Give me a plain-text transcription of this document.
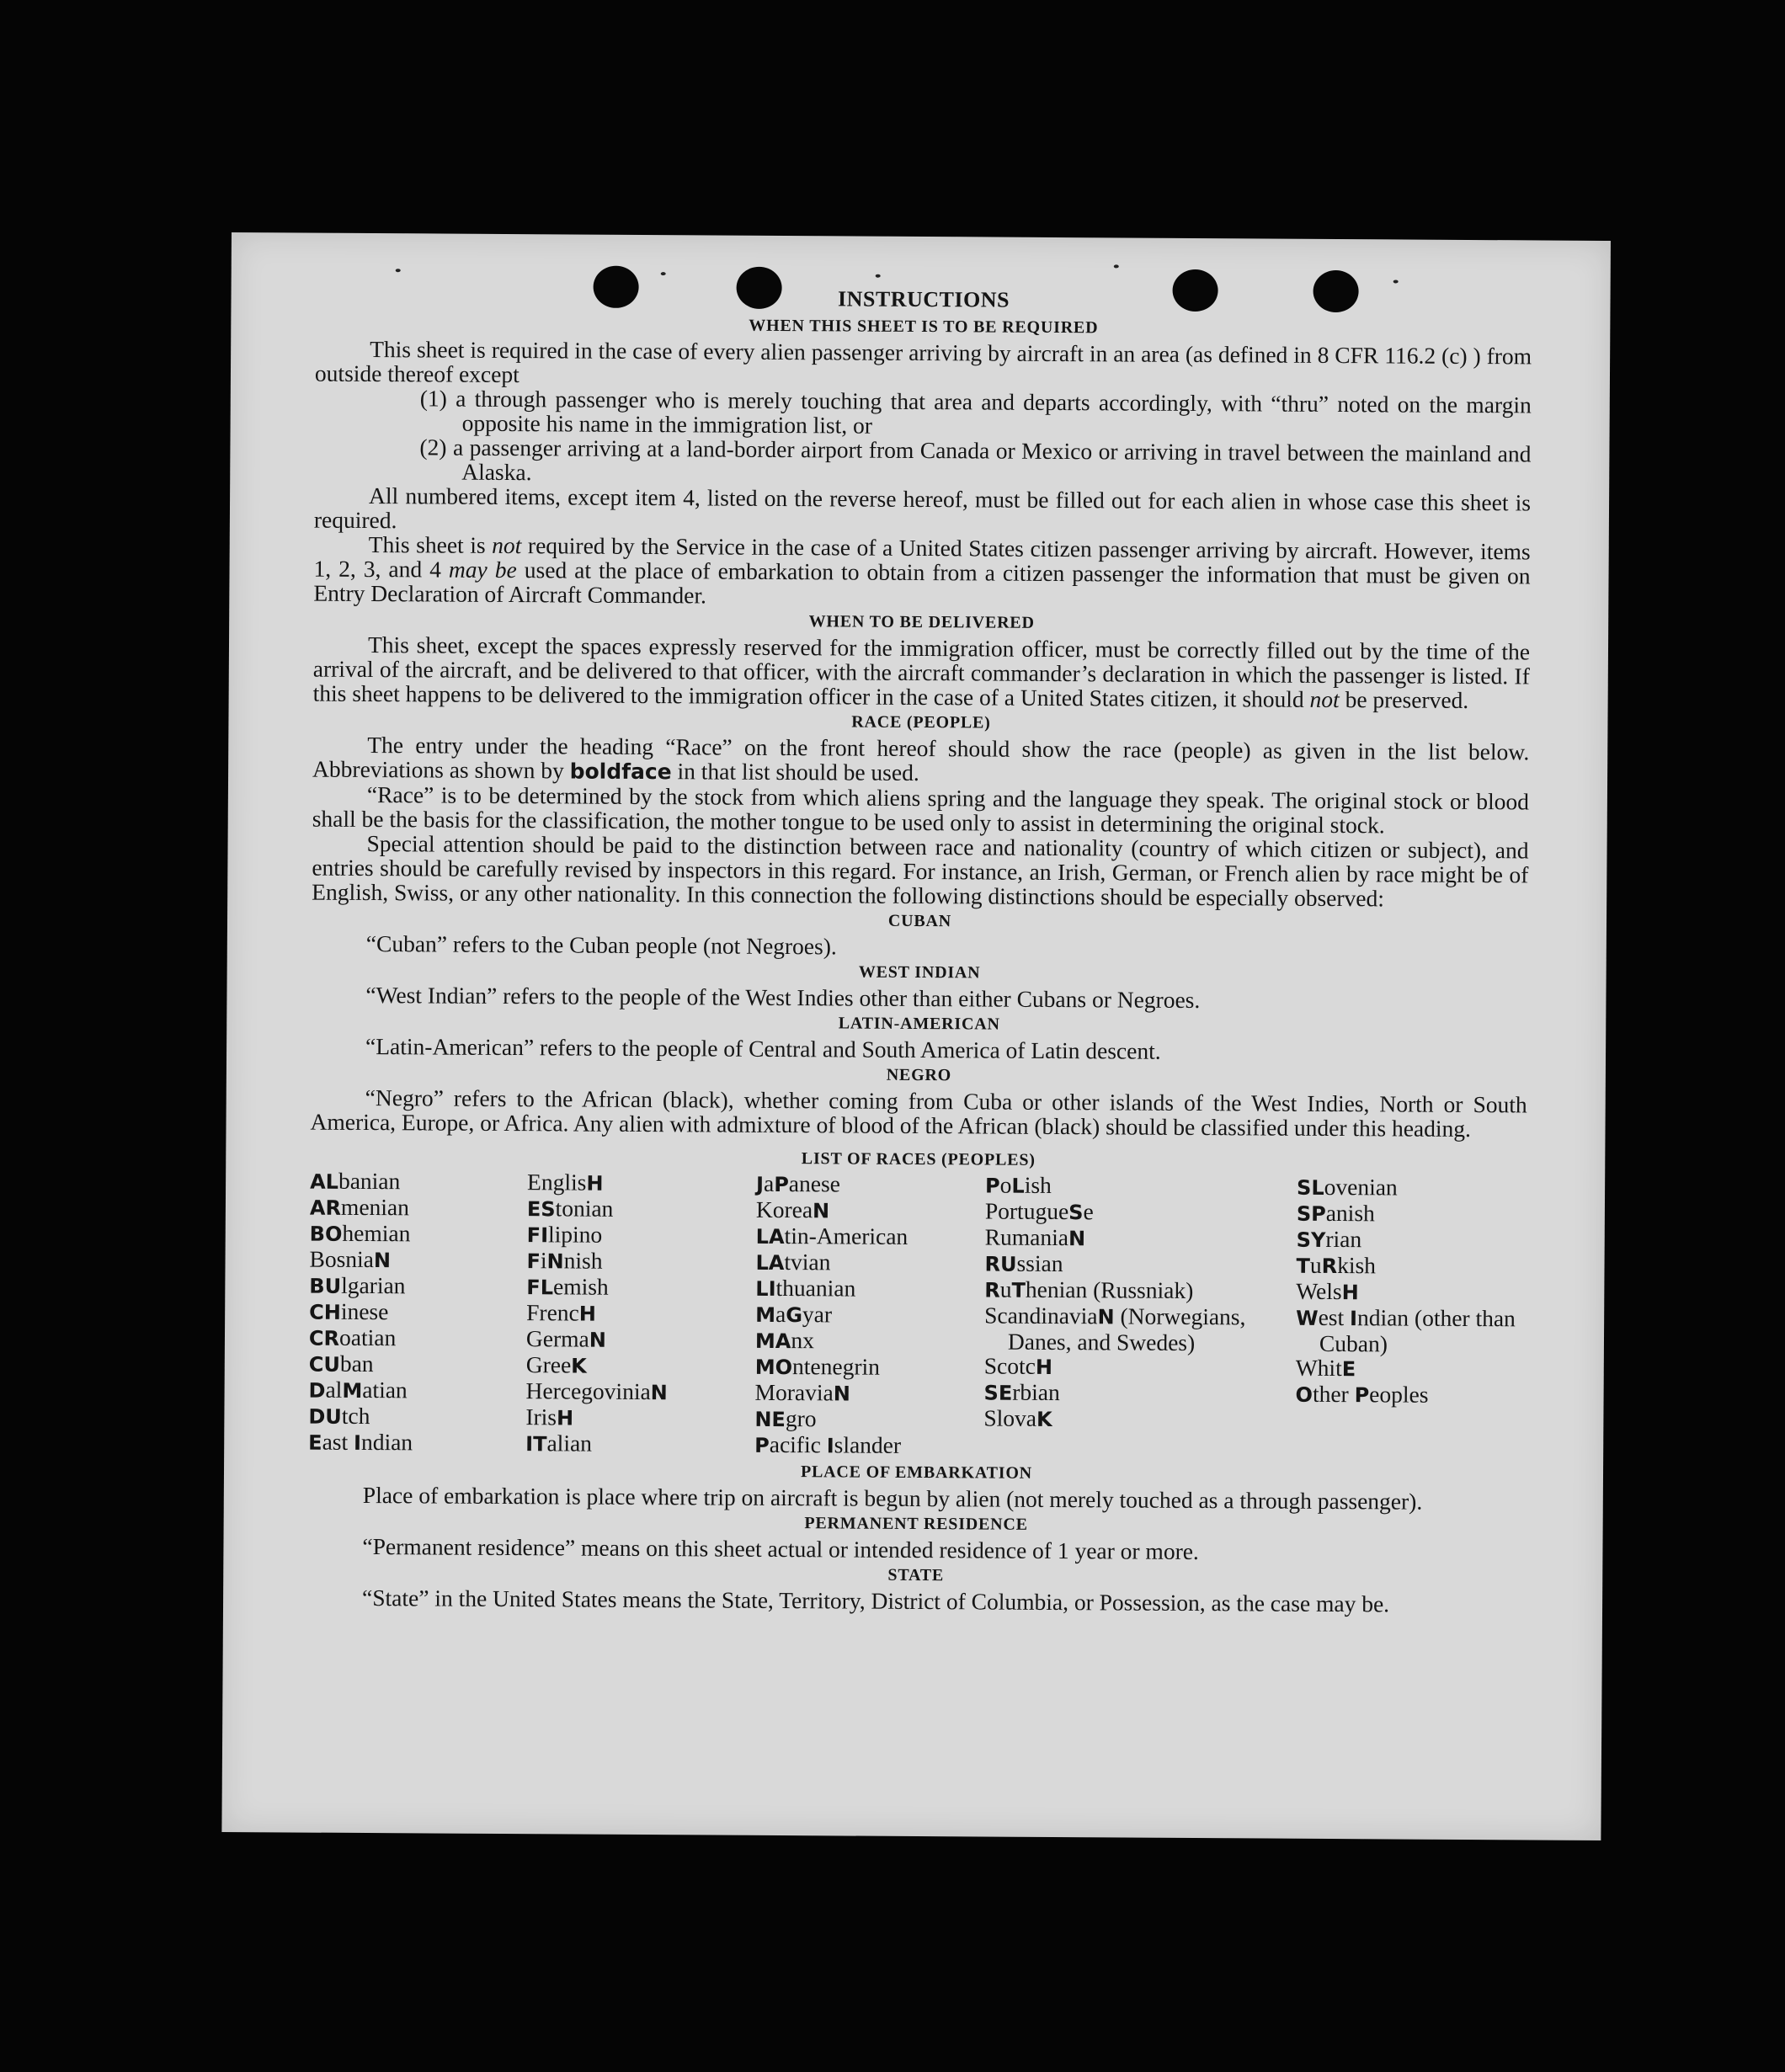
INSTRUCTIONS
WHEN THIS SHEET IS TO BE REQUIRED

This sheet is required in the case of every alien passenger arriving by aircraft in an area (as defined in 8 CFR 116.2 (c) ) from outside thereof except

(1) a through passenger who is merely touching that area and departs accordingly, with “thru” noted on the margin opposite his name in the immigration list, or
(2) a passenger arriving at a land-border airport from Canada or Mexico or arriving in travel between the mainland and Alaska.

All numbered items, except item 4, listed on the reverse hereof, must be filled out for each alien in whose case this sheet is required.

This sheet is not required by the Service in the case of a United States citizen passenger arriving by aircraft. However, items 1, 2, 3, and 4 may be used at the place of embarkation to obtain from a citizen passenger the information that must be given on Entry Declaration of Aircraft Commander.

WHEN TO BE DELIVERED

This sheet, except the spaces expressly reserved for the immigration officer, must be correctly filled out by the time of the arrival of the aircraft, and be delivered to that officer, with the aircraft commander’s declaration in which the passenger is listed. If this sheet happens to be delivered to the immigration officer in the case of a United States citizen, it should not be preserved.

RACE (PEOPLE)

The entry under the heading “Race” on the front hereof should show the race (people) as given in the list below. Abbreviations as shown by boldface in that list should be used.

“Race” is to be determined by the stock from which aliens spring and the language they speak. The original stock or blood shall be the basis for the classification, the mother tongue to be used only to assist in determining the original stock.

Special attention should be paid to the distinction between race and nationality (country of which citizen or subject), and entries should be carefully revised by inspectors in this regard. For instance, an Irish, German, or French alien by race might be of English, Swiss, or any other nationality. In this connection the following distinctions should be especially observed:

CUBAN
“Cuban” refers to the Cuban people (not Negroes).
WEST INDIAN
“West Indian” refers to the people of the West Indies other than either Cubans or Negroes.
LATIN-AMERICAN
“Latin-American” refers to the people of Central and South America of Latin descent.
NEGRO

“Negro” refers to the African (black), whether coming from Cuba or other islands of the West Indies, North or South America, Europe, or Africa. Any alien with admixture of blood of the African (black) should be classified under this heading.

LIST OF RACES (PEOPLES)
ALbanian
ARmenian
BOhemian
BosniaN
BUlgarian
CHinese
CRoatian
CUban
DalMatian
DUtch
East Indian
EnglisH
EStonian
FIlipino
FiNnish
FLemish
FrencH
GermaN
GreeK
HercegoviniaN
IrisH
ITalian
JaPanese
KoreaN
LAtin-American
LAtvian
LIthuanian
MaGyar
MAnx
MOntenegrin
MoraviaN
NEgro
Pacific Islander
PoLish
PortugueSe
RumaniaN
RUssian
RuThenian (Russniak)
ScandinaviaN (Norwegians, Danes, and Swedes)
ScotcH
SErbian
SlovaK
SLovenian
SPanish
SYrian
TuRkish
WelsH
West Indian (other than Cuban)
WhitE
Other Peoples
PLACE OF EMBARKATION

Place of embarkation is place where trip on aircraft is begun by alien (not merely touched as a through passenger).

PERMANENT RESIDENCE

“Permanent residence” means on this sheet actual or intended residence of 1 year or more.

STATE

“State” in the United States means the State, Territory, District of Columbia, or Possession, as the case may be.
